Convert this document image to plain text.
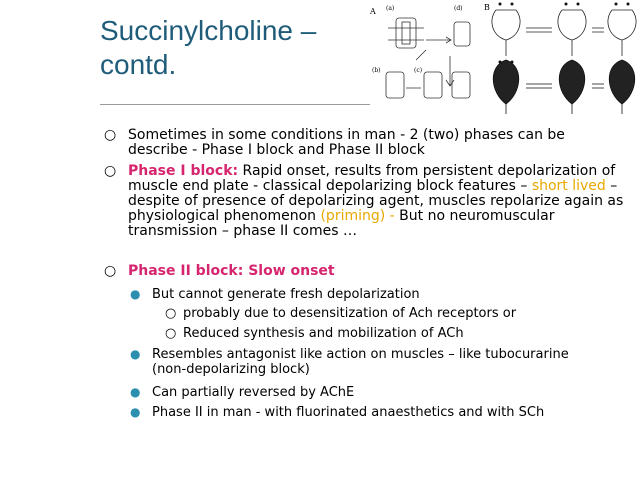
Succinylcholine –
contd.
A (a)
(b)	(c)
(d)	B
○ Sometimes in some conditions in man - 2 (two) phases can be describe - Phase I block and Phase II block
○ Phase I block: Rapid onset, results from persistent depolarization of muscle end plate - classical depolarizing block features – short lived – despite of presence of depolarizing agent, muscles repolarize again as physiological phenomenon (priming) - But no neuromuscular transmission – phase II comes …
○ Phase II block: Slow onset
● But cannot generate fresh depolarization
○ probably due to desensitization of Ach receptors or
○ Reduced synthesis and mobilization of ACh
● Resembles antagonist like action on muscles – like tubocurarine (non-depolarizing block)
● Can partially reversed by AChE
● Phase II in man - with fluorinated anaesthetics and with SCh
